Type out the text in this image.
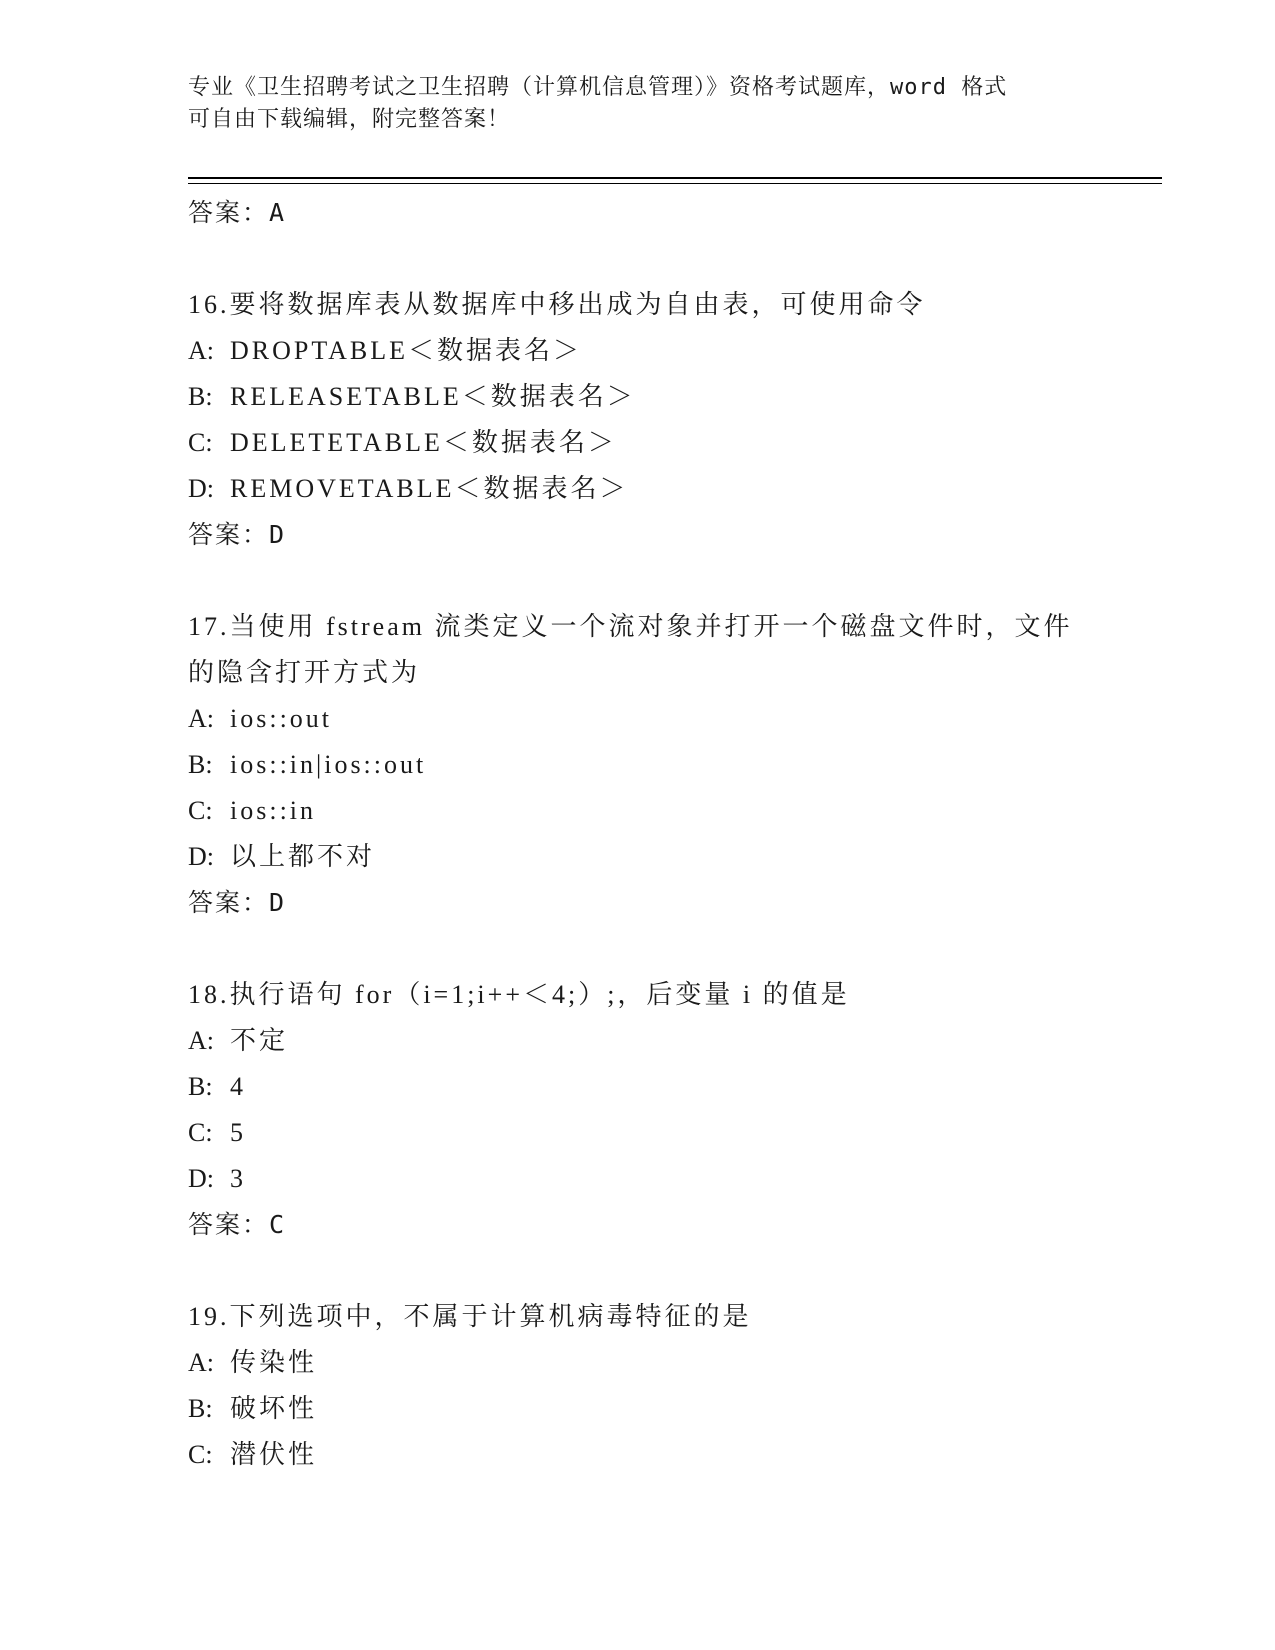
专业《卫生招聘考试之卫生招聘（计算机信息管理）》资格考试题库，word 格式
可自由下载编辑，附完整答案！
答案：A
16.要将数据库表从数据库中移出成为自由表，可使用命令
A: DROPTABLE＜数据表名＞
B: RELEASETABLE＜数据表名＞
C: DELETETABLE＜数据表名＞
D: REMOVETABLE＜数据表名＞
答案：D
17.当使用 fstream 流类定义一个流对象并打开一个磁盘文件时，文件
的隐含打开方式为
A: ios::out
B: ios::in|ios::out
C: ios::in
D: 以上都不对
答案：D
18.执行语句 for（i=1;i++＜4;）;，后变量 i 的值是
A: 不定
B: 4
C: 5
D: 3
答案：C
19.下列选项中，不属于计算机病毒特征的是
A: 传染性
B: 破坏性
C: 潜伏性
